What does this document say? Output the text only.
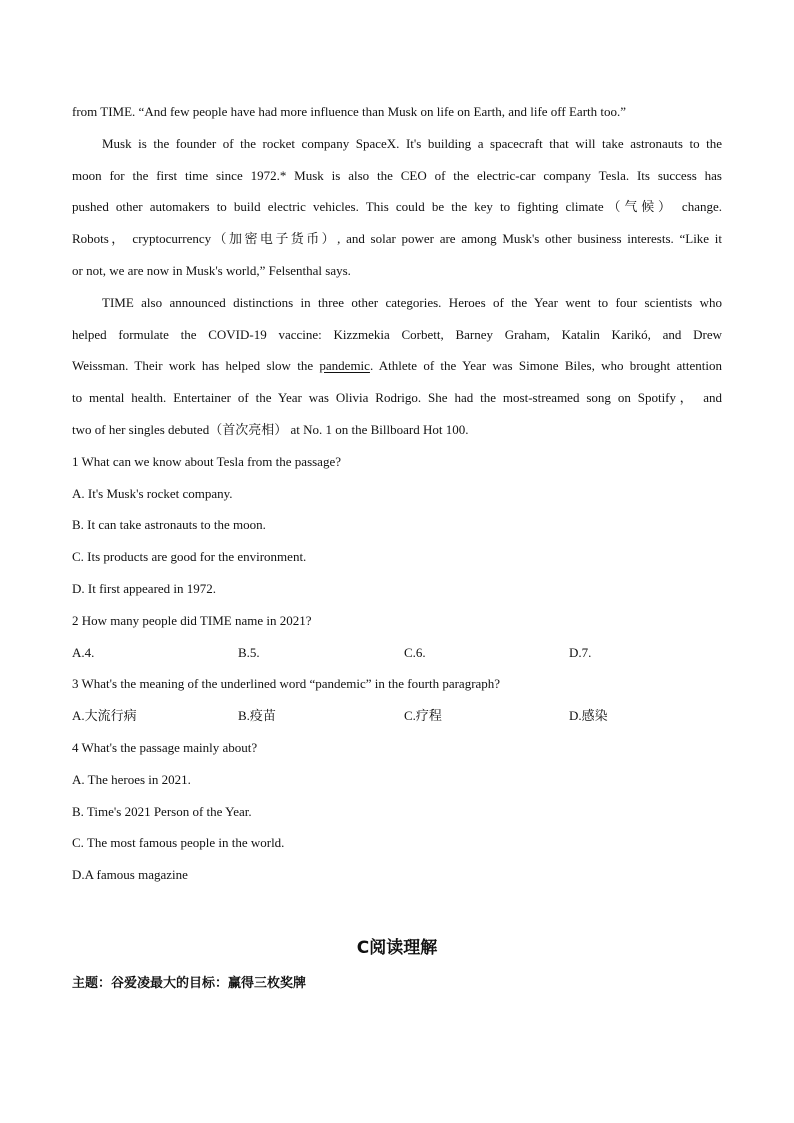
from TIME. “And few people have had more influence than Musk on life on Earth, and life off Earth too.”
Musk is the founder of the rocket company SpaceX. It's building a spacecraft that will take astronauts to the
moon for the first time since 1972.* Musk is also the CEO of the electric-car company Tesla. Its success has
pushed other automakers to build electric vehicles. This could be the key to fighting climate（气候） change.
Robots， cryptocurrency（加密电子货币）, and solar power are among Musk's other business interests. “Like it
or not, we are now in Musk's world,” Felsenthal says.
TIME also announced distinctions in three other categories. Heroes of the Year went to four scientists who
helped formulate the COVID-19 vaccine: Kizzmekia Corbett, Barney Graham, Katalin Karikó, and Drew
Weissman. Their work has helped slow the pandemic. Athlete of the Year was Simone Biles, who brought attention
to mental health. Entertainer of the Year was Olivia Rodrigo. She had the most-streamed song on Spotify， and
two of her singles debuted（首次亮相） at No. 1 on the Billboard Hot 100.
1 What can we know about Tesla from the passage?
A. It's Musk's rocket company.
B. It can take astronauts to the moon.
C. Its products are good for the environment.
D. It first appeared in 1972.
2 How many people did TIME name in 2021?
A.4.	B.5.	C.6.	D.7.
3 What's the meaning of the underlined word “pandemic” in the fourth paragraph?
A.大流行病	B.疫苗	C.疗程	D.感染
4 What's the passage mainly about?
A. The heroes in 2021.
B. Time's 2021 Person of the Year.
C. The most famous people in the world.
D.A famous magazine
C阅读理解
主题：谷爱凌最大的目标：赢得三枚奖牌
